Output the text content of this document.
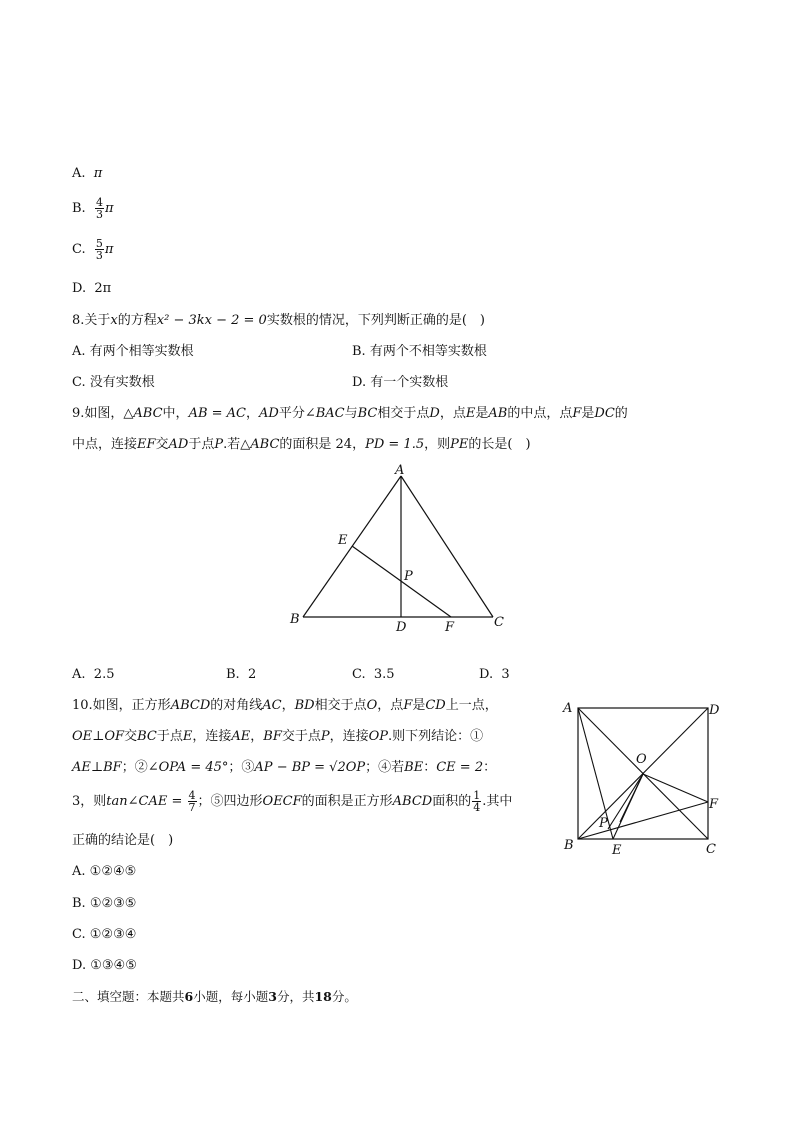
A. π
B. $\frac{4}{3}$ π
C. $\frac{5}{3}$ π
D. 2π
8.关于x的方程x² − 3kx − 2 = 0实数根的情况，下列判断正确的是(　)
A. 有两个相等实数根	B. 有两个不相等实数根
C. 没有实数根	D. 有一个实数根
9.如图，△ABC中，AB = AC，AD平分∠BAC与BC相交于点D，点E是AB的中点，点F是DC的
中点，连接EF交AD于点P.若△ABC的面积是 24，PD = 1.5，则PE的长是(　)
A
E
P
B
D	F	C
A. 2.5	B. 2	C. 3.5	D. 3
10.如图，正方形ABCD的对角线AC，BD相交于点O，点F是CD上一点，
OE⊥OF交BC于点E，连接AE，BF交于点P，连接OP.则下列结论：①
AE⊥BF；②∠OPA = 45°；③AP − BP = √2OP；④若BE：CE = 2：
3，则tan∠CAE = $\frac{4}{7}$ ；⑤四边形OECF的面积是正方形ABCD面积的 $\frac{1}{4}$ .其中
正确的结论是(　)
A	D
O
F
P
B	E	C
A. ①②④⑤
B. ①②③⑤
C. ①②③④
D. ①③④⑤
二、填空题：本题共6小题，每小题3分，共18分。
